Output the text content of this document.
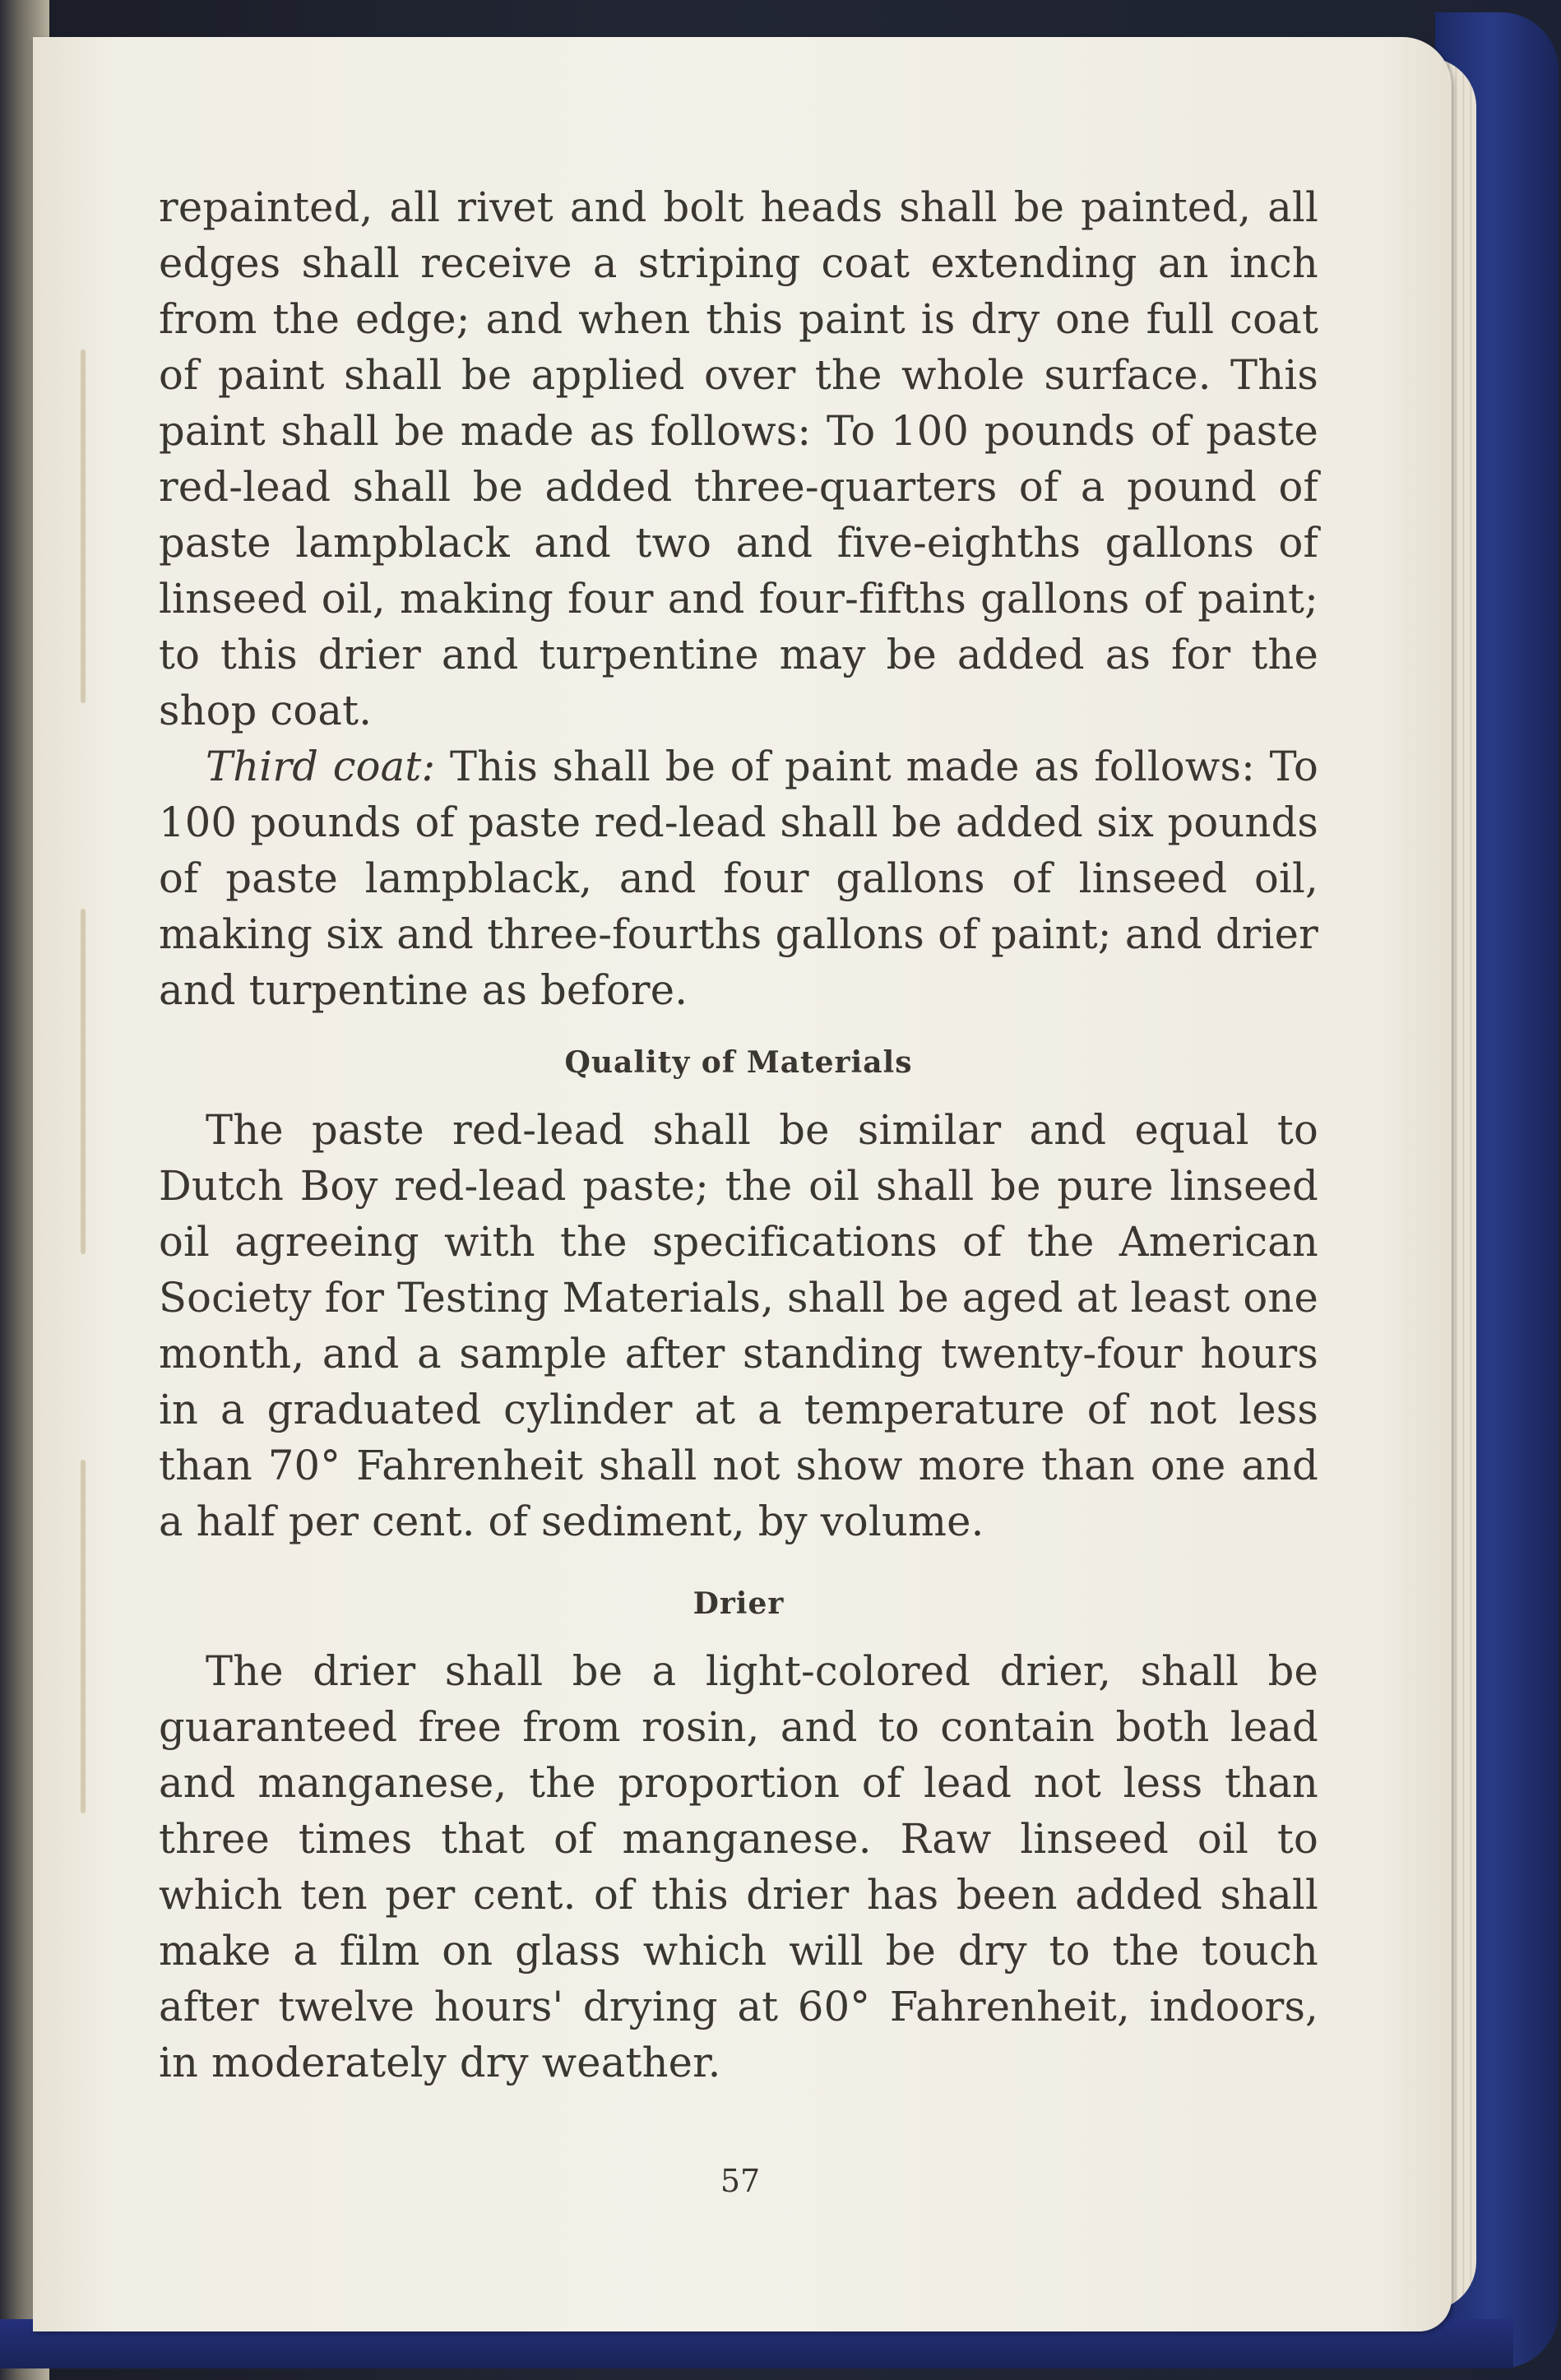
repainted, all rivet and bolt heads shall be painted, all edges shall receive a striping coat extending an inch from the edge; and when this paint is dry one full coat of paint shall be applied over the whole surface. This paint shall be made as follows: To 100 pounds of paste red-lead shall be added three-quarters of a pound of paste lampblack and two and five-eighths gallons of linseed oil, making four and four-fifths gallons of paint; to this drier and turpentine may be added as for the shop coat.

Third coat: This shall be of paint made as follows: To 100 pounds of paste red-lead shall be added six pounds of paste lampblack, and four gallons of linseed oil, making six and three-fourths gallons of paint; and drier and turpentine as before.

Quality of Materials

The paste red-lead shall be similar and equal to Dutch Boy red-lead paste; the oil shall be pure linseed oil agreeing with the specifications of the American Society for Testing Materials, shall be aged at least one month, and a sample after standing twenty-four hours in a graduated cylinder at a temperature of not less than 70° Fahrenheit shall not show more than one and a half per cent. of sediment, by volume.

Drier

The drier shall be a light-colored drier, shall be guaranteed free from rosin, and to contain both lead and manganese, the proportion of lead not less than three times that of manganese. Raw linseed oil to which ten per cent. of this drier has been added shall make a film on glass which will be dry to the touch after twelve hours' drying at 60° Fahrenheit, indoors, in moderately dry weather.

57
